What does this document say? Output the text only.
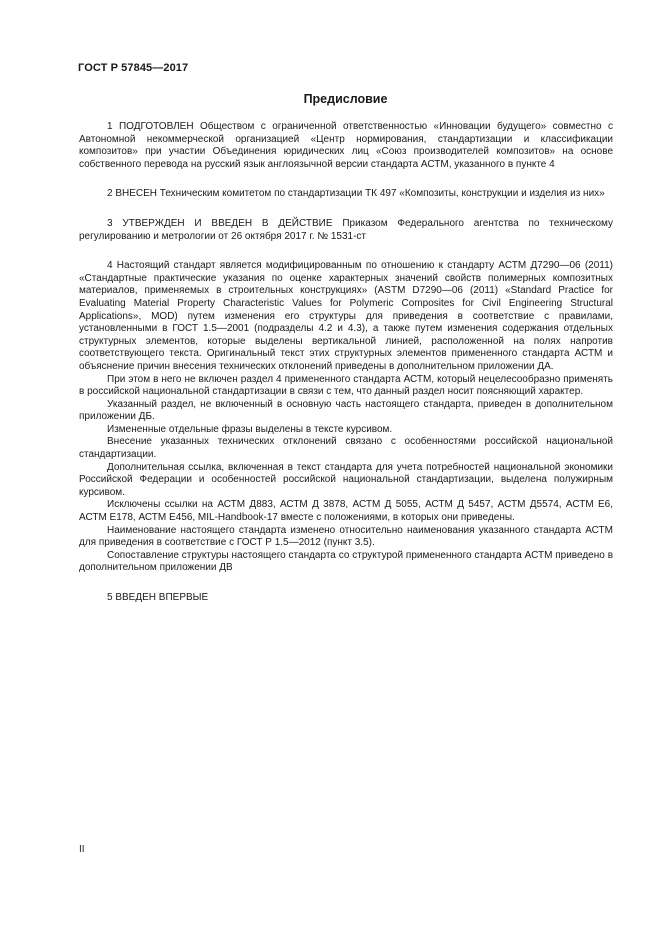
ГОСТ Р 57845—2017
Предисловие

1 ПОДГОТОВЛЕН Обществом с ограниченной ответственностью «Инновации будущего» совместно с Автономной некоммерческой организацией «Центр нормирования, стандартизации и классификации композитов» при участии Объединения юридических лиц «Союз производителей композитов» на основе собственного перевода на русский язык англоязычной версии стандарта АСТМ, указанного в пункте 4

2 ВНЕСЕН Техническим комитетом по стандартизации ТК 497 «Композиты, конструкции и изделия из них»

3 УТВЕРЖДЕН И ВВЕДЕН В ДЕЙСТВИЕ Приказом Федерального агентства по техническому регулированию и метрологии от 26 октября 2017 г. № 1531-ст

4 Настоящий стандарт является модифицированным по отношению к стандарту АСТМ Д7290—06 (2011) «Стандартные практические указания по оценке характерных значений свойств полимерных композитных материалов, применяемых в строительных конструкциях» (ASTM D7290—06 (2011) «Standard Practice for Evaluating Material Property Characteristic Values for Polymeric Composites for Civil Engineering Structural Applications», MOD) путем изменения его структуры для приведения в соответствие с правилами, установленными в ГОСТ 1.5—2001 (подразделы 4.2 и 4.3), а также путем изменения содержания отдельных структурных элементов, которые выделены вертикальной линией, расположенной на полях напротив соответствующего текста. Оригинальный текст этих структурных элементов примененного стандарта АСТМ и объяснение причин внесения технических отклонений приведены в дополнительном приложении ДА.

При этом в него не включен раздел 4 примененного стандарта АСТМ, который нецелесообразно применять в российской национальной стандартизации в связи с тем, что данный раздел носит поясняющий характер.

Указанный раздел, не включенный в основную часть настоящего стандарта, приведен в дополнительном приложении ДБ.

Измененные отдельные фразы выделены в тексте курсивом.

Внесение указанных технических отклонений связано с особенностями российской национальной стандартизации.

Дополнительная ссылка, включенная в текст стандарта для учета потребностей национальной экономики Российской Федерации и особенностей российской национальной стандартизации, выделена полужирным курсивом.

Исключены ссылки на АСТМ Д883, АСТМ Д 3878, АСТМ Д 5055, АСТМ Д 5457, АСТМ Д5574, АСТМ Е6, АСТМ Е178, АСТМ Е456, MIL-Handbook-17 вместе с положениями, в которых они приведены.

Наименование настоящего стандарта изменено относительно наименования указанного стандарта АСТМ для приведения в соответствие с ГОСТ Р 1.5—2012 (пункт 3.5).

Сопоставление структуры настоящего стандарта со структурой примененного стандарта АСТМ приведено в дополнительном приложении ДВ

5 ВВЕДЕН ВПЕРВЫЕ

II
